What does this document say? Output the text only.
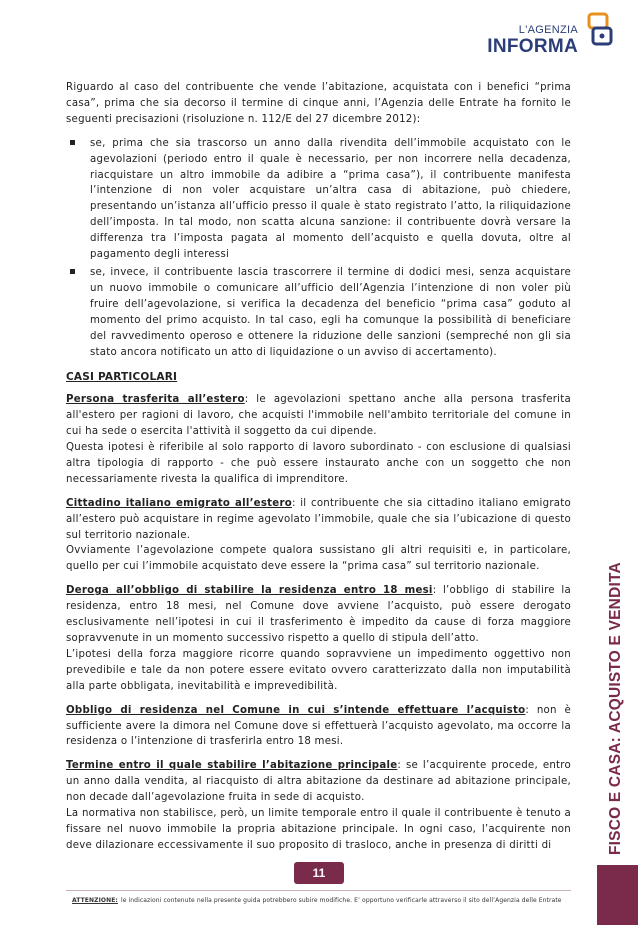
L'AGENZIA
INFORMA

Riguardo al caso del contribuente che vende l’abitazione, acquistata con i benefici “prima casa”, prima che sia decorso il termine di cinque anni, l’Agenzia delle Entrate ha fornito le seguenti precisazioni (risoluzione n. 112/E del 27 dicembre 2012):

se, prima che sia trascorso un anno dalla rivendita dell’immobile acquistato con le agevolazioni (periodo entro il quale è necessario, per non incorrere nella decadenza, riacquistare un altro immobile da adibire a “prima casa”), il contribuente manifesta l’intenzione di non voler acquistare un’altra casa di abitazione, può chiedere, presentando un’istanza all’ufficio presso il quale è stato registrato l’atto, la riliquidazione dell’imposta. In tal modo, non scatta alcuna sanzione: il contribuente dovrà versare la differenza tra l’imposta pagata al momento dell’acquisto e quella dovuta, oltre al pagamento degli interessi
se, invece, il contribuente lascia trascorrere il termine di dodici mesi, senza acquistare un nuovo immobile o comunicare all’ufficio dell’Agenzia l’intenzione di non voler più fruire dell’agevolazione, si verifica la decadenza del beneficio “prima casa” goduto al momento del primo acquisto. In tal caso, egli ha comunque la possibilità di beneficiare del ravvedimento operoso e ottenere la riduzione delle sanzioni (sempreché non gli sia stato ancora notificato un atto di liquidazione o un avviso di accertamento).
CASI PARTICOLARI

Persona trasferita all’estero: le agevolazioni spettano anche alla persona trasferita all'estero per ragioni di lavoro, che acquisti l'immobile nell'ambito territoriale del comune in cui ha sede o esercita l'attività il soggetto da cui dipende.

Questa ipotesi è riferibile al solo rapporto di lavoro subordinato - con esclusione di qualsiasi altra tipologia di rapporto - che può essere instaurato anche con un soggetto che non necessariamente rivesta la qualifica di imprenditore.

Cittadino italiano emigrato all’estero: il contribuente che sia cittadino italiano emigrato all’estero può acquistare in regime agevolato l’immobile, quale che sia l’ubicazione di questo sul territorio nazionale.

Ovviamente l’agevolazione compete qualora sussistano gli altri requisiti e, in particolare, quello per cui l’immobile acquistato deve essere la “prima casa” sul territorio nazionale.

Deroga all’obbligo di stabilire la residenza entro 18 mesi: l’obbligo di stabilire la residenza, entro 18 mesi, nel Comune dove avviene l’acquisto, può essere derogato esclusivamente nell’ipotesi in cui il trasferimento è impedito da cause di forza maggiore sopravvenute in un momento successivo rispetto a quello di stipula dell’atto.

L’ipotesi della forza maggiore ricorre quando sopravviene un impedimento oggettivo non prevedibile e tale da non potere essere evitato ovvero caratterizzato dalla non imputabilità alla parte obbligata, inevitabilità e imprevedibilità.

Obbligo di residenza nel Comune in cui s’intende effettuare l’acquisto: non è sufficiente avere la dimora nel Comune dove si effettuerà l’acquisto agevolato, ma occorre la residenza o l’intenzione di trasferirla entro 18 mesi.

Termine entro il quale stabilire l’abitazione principale: se l’acquirente procede, entro un anno dalla vendita, al riacquisto di altra abitazione da destinare ad abitazione principale, non decade dall’agevolazione fruita in sede di acquisto.

La normativa non stabilisce, però, un limite temporale entro il quale il contribuente è tenuto a fissare nel nuovo immobile la propria abitazione principale. In ogni caso, l’acquirente non deve dilazionare eccessivamente il suo proposito di trasloco, anche in presenza di diritti di	FISCO E CASA: ACQUISTO E VENDITA
11
ATTENZIONE: le indicazioni contenute nella presente guida potrebbero subire modifiche. E’ opportuno verificarle attraverso il sito dell’Agenzia delle Entrate
